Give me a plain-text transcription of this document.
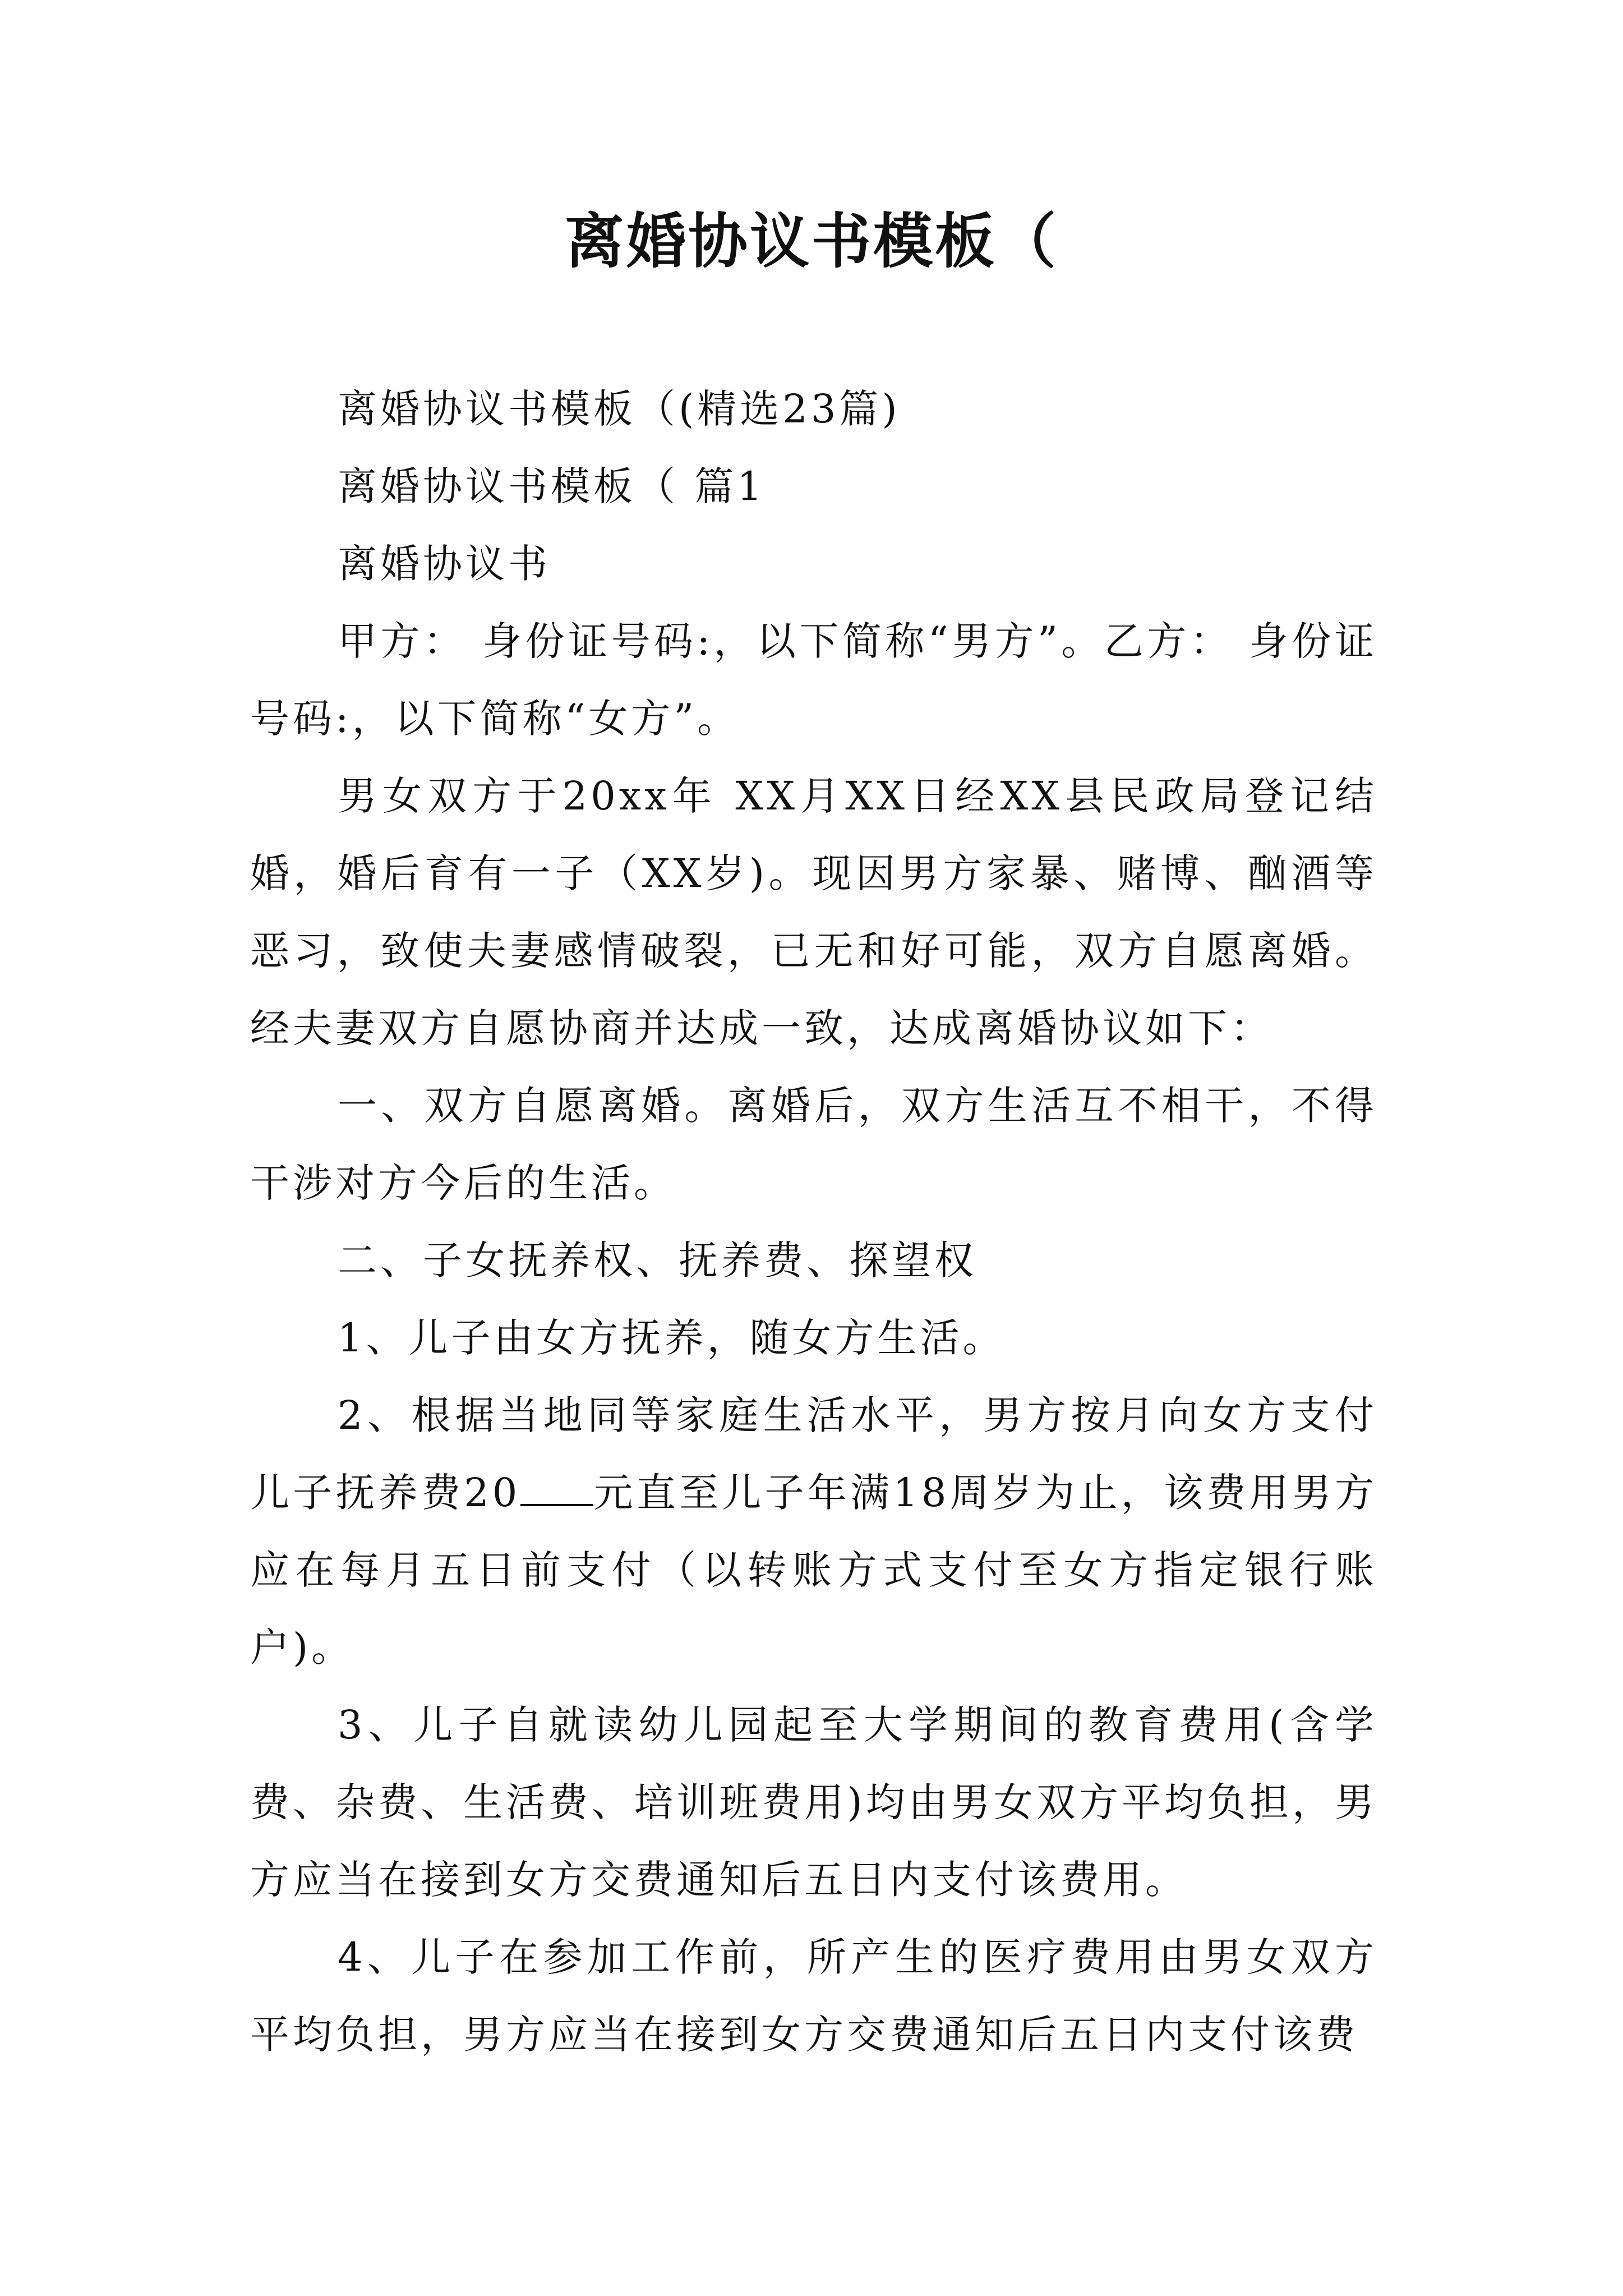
离婚协议书模板（

离婚协议书模板（(精选23篇)

离婚协议书模板（ 篇1

离婚协议书

甲方： 身份证号码:，以下简称“男方”。乙方： 身份证号码:，以下简称“女方”。

男女双方于20xx年 XX月XX日经XX县民政局登记结婚，婚后育有一子（XX岁)。现因男方家暴、赌博、酗酒等恶习，致使夫妻感情破裂，已无和好可能，双方自愿离婚。经夫妻双方自愿协商并达成一致，达成离婚协议如下：

一、双方自愿离婚。离婚后，双方生活互不相干，不得干涉对方今后的生活。

二、子女抚养权、抚养费、探望权

1、儿子由女方抚养，随女方生活。

2、根据当地同等家庭生活水平，男方按月向女方支付儿子抚养费20 元直至儿子年满18周岁为止，该费用男方应在每月五日前支付（以转账方式支付至女方指定银行账户)。

3、儿子自就读幼儿园起至大学期间的教育费用(含学费、杂费、生活费、培训班费用)均由男女双方平均负担，男方应当在接到女方交费通知后五日内支付该费用。

4、儿子在参加工作前，所产生的医疗费用由男女双方平均负担，男方应当在接到女方交费通知后五日内支付该费
